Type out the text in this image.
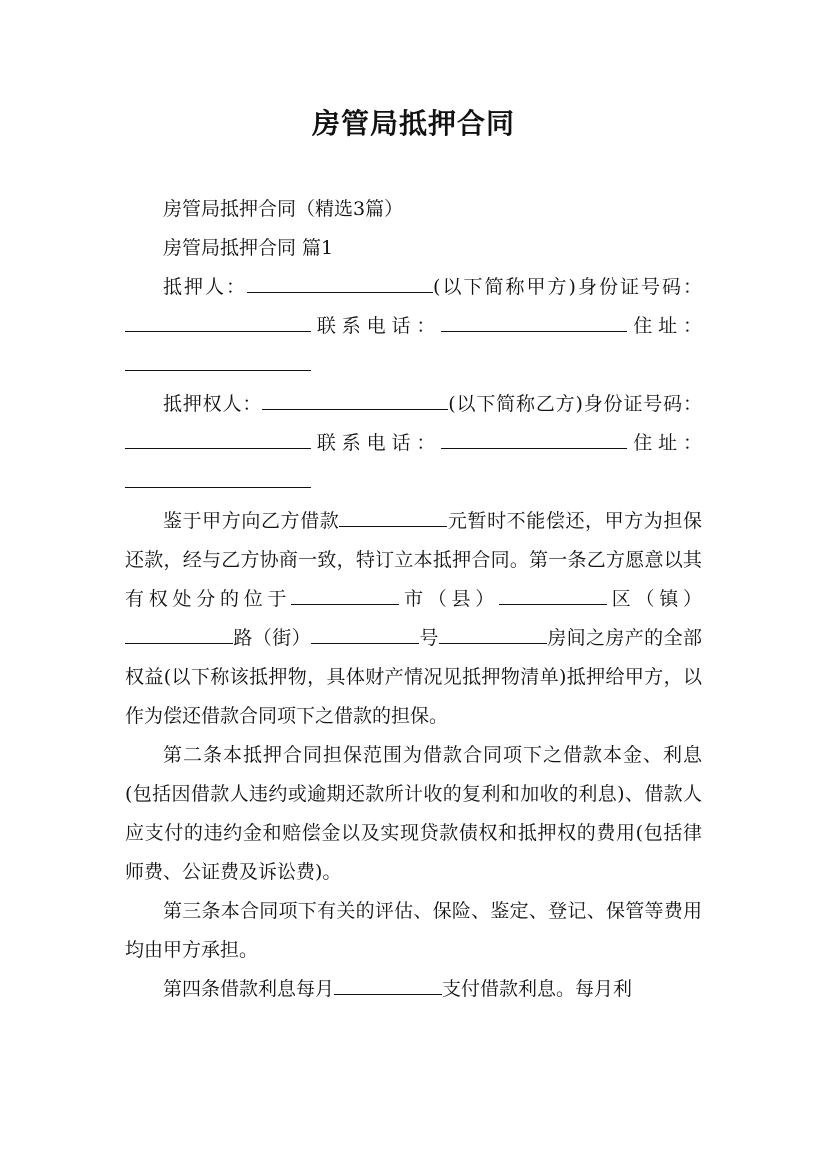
房管局抵押合同

房管局抵押合同（精选3篇）

房管局抵押合同 篇1

抵押人：	(以下简称甲方)身份证号码：联系电话：	住址：

抵押权人：	(以下简称乙方)身份证号码：联系电话：	住址：

鉴于甲方向乙方借款	元暂时不能偿还，甲方为担保还款，经与乙方协商一致，特订立本抵押合同。第一条乙方愿意以其有权处分的位于	市（县）	区（镇）路（街）	号	房间之房产的全部权益(以下称该抵押物，具体财产情况见抵押物清单)抵押给甲方，以作为偿还借款合同项下之借款的担保。

第二条本抵押合同担保范围为借款合同项下之借款本金、利息(包括因借款人违约或逾期还款所计收的复利和加收的利息)、借款人应支付的违约金和赔偿金以及实现贷款债权和抵押权的费用(包括律师费、公证费及诉讼费)。

第三条本合同项下有关的评估、保险、鉴定、登记、保管等费用均由甲方承担。

第四条借款利息每月	支付借款利息。每月利
